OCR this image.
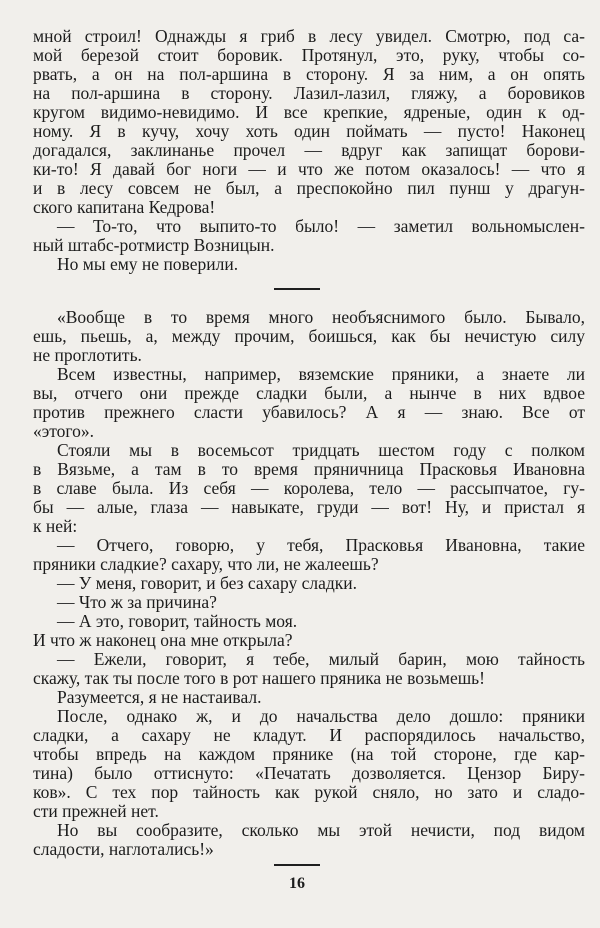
мной строил! Однажды я гриб в лесу увидел. Смотрю, под са-
мой березой стоит боровик. Протянул, это, руку, чтобы со-
рвать, а он на пол-аршина в сторону. Я за ним, а он опять
на пол-аршина в сторону. Лазил-лазил, гляжу, а боровиков
кругом видимо-невидимо. И все крепкие, ядреные, один к од-
ному. Я в кучу, хочу хоть один поймать — пусто! Наконец
догадался, заклинанье прочел — вдруг как запищат борови-
ки-то! Я давай бог ноги — и что же потом оказалось! — что я
и в лесу совсем не был, а преспокойно пил пунш у драгун-
ского капитана Кедрова!
— То-то, что выпито-то было! — заметил вольномыслен-
ный штабс-ротмистр Возницын.
Но мы ему не поверили.
«Вообще в то время много необъяснимого было. Бывало,
ешь, пьешь, а, между прочим, боишься, как бы нечистую силу
не проглотить.
Всем известны, например, вяземские пряники, а знаете ли
вы, отчего они прежде сладки были, а нынче в них вдвое
против прежнего сласти убавилось? А я — знаю. Все от
«этого».
Стояли мы в восемьсот тридцать шестом году с полком
в Вязьме, а там в то время пряничница Прасковья Ивановна
в славе была. Из себя — королева, тело — рассыпчатое, гу-
бы — алые, глаза — навыкате, груди — вот! Ну, и пристал я
к ней:
— Отчего, говорю, у тебя, Прасковья Ивановна, такие
пряники сладкие? сахару, что ли, не жалеешь?
— У меня, говорит, и без сахару сладки.
— Что ж за причина?
— А это, говорит, тайность моя.
И что ж наконец она мне открыла?
— Ежели, говорит, я тебе, милый барин, мою тайность
скажу, так ты после того в рот нашего пряника не возьмешь!
Разумеется, я не настаивал.
После, однако ж, и до начальства дело дошло: пряники
сладки, а сахару не кладут. И распорядилось начальство,
чтобы впредь на каждом прянике (на той стороне, где кар-
тина) было оттиснуто: «Печатать дозволяется. Цензор Биру-
ков». С тех пор тайность как рукой сняло, но зато и сладо-
сти прежней нет.
Но вы сообразите, сколько мы этой нечисти, под видом
сладости, наглотались!»
16
